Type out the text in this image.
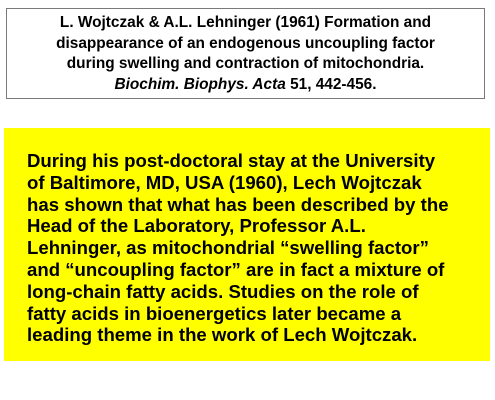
L. Wojtczak & A.L. Lehninger (1961) Formation and
disappearance of an endogenous uncoupling factor
during swelling and contraction of mitochondria.
Biochim. Biophys. Acta 51, 442-456.
During his post-doctoral stay at the University
of Baltimore, MD, USA (1960), Lech Wojtczak
has shown that what has been described by the
Head of the Laboratory, Professor A.L.
Lehninger, as mitochondrial “swelling factor”
and “uncoupling factor” are in fact a mixture of
long-chain fatty acids. Studies on the role of
fatty acids in bioenergetics later became a
leading theme in the work of Lech Wojtczak.
